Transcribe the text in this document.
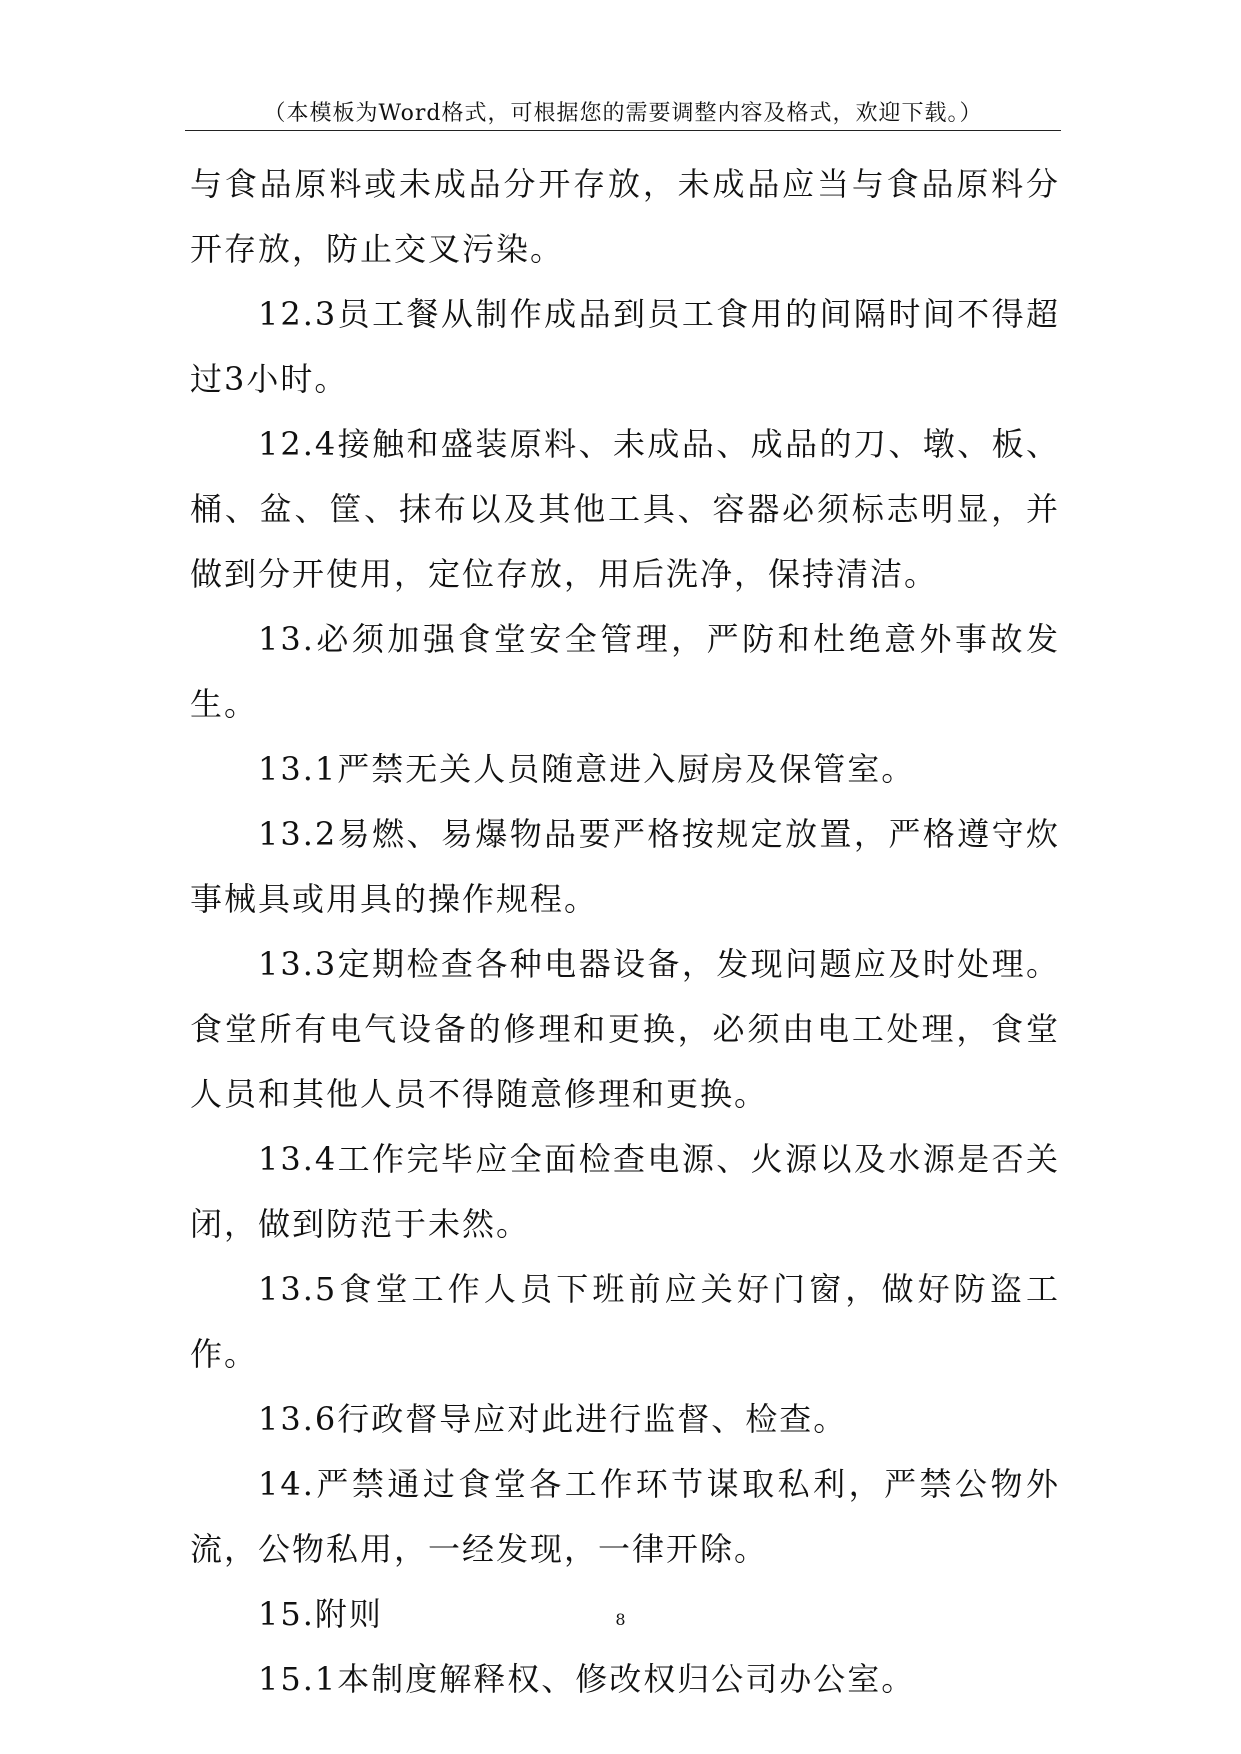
（本模板为Word格式，可根据您的需要调整内容及格式，欢迎下载。）

与食品原料或未成品分开存放，未成品应当与食品原料分开存放，防止交叉污染。

12.3员工餐从制作成品到员工食用的间隔时间不得超过3小时。

12.4接触和盛装原料、未成品、成品的刀、墩、板、桶、盆、筐、抹布以及其他工具、容器必须标志明显，并做到分开使用，定位存放，用后洗净，保持清洁。

13.必须加强食堂安全管理，严防和杜绝意外事故发生。

13.1严禁无关人员随意进入厨房及保管室。

13.2易燃、易爆物品要严格按规定放置，严格遵守炊事械具或用具的操作规程。

13.3定期检查各种电器设备，发现问题应及时处理。食堂所有电气设备的修理和更换，必须由电工处理，食堂人员和其他人员不得随意修理和更换。

13.4工作完毕应全面检查电源、火源以及水源是否关闭，做到防范于未然。

13.5食堂工作人员下班前应关好门窗，做好防盗工作。

13.6行政督导应对此进行监督、检查。

14.严禁通过食堂各工作环节谋取私利，严禁公物外流，公物私用，一经发现，一律开除。

15.附则

15.1本制度解释权、修改权归公司办公室。

8
